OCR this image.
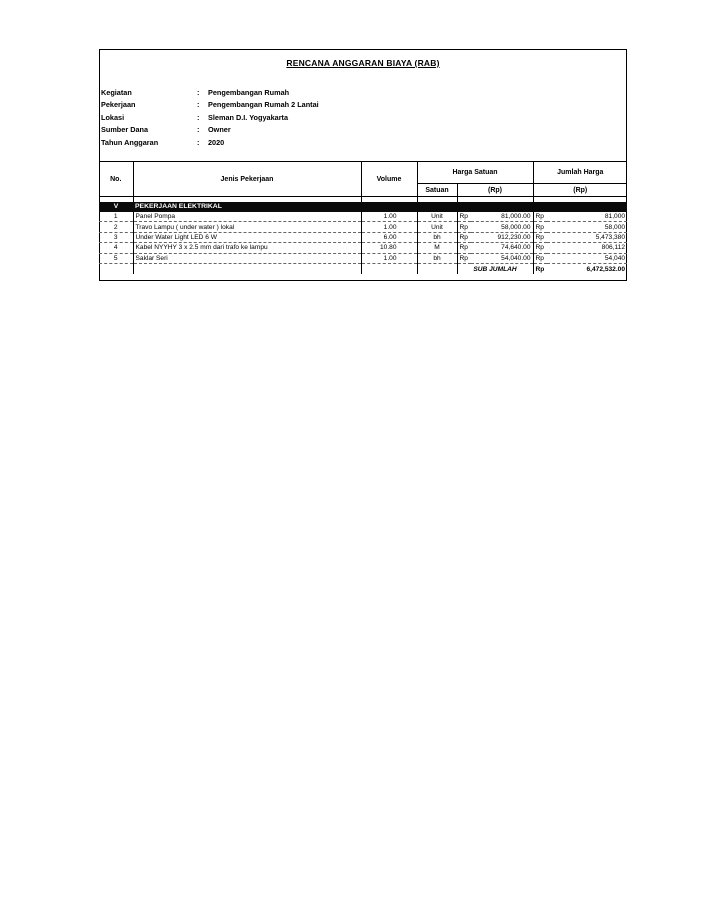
RENCANA ANGGARAN BIAYA (RAB)
Kegiatan	: Pengembangan Rumah
Pekerjaan	: Pengembangan Rumah 2 Lantai
Lokasi	: Sleman D.I. Yogyakarta
Sumber Dana	: Owner
Tahun Anggaran	: 2020
No.	Jenis Pekerjaan	Volume	Harga Satuan			Jumlah Harga	
			Satuan	(Rp)		(Rp)	

V	PEKERJAAN ELEKTRIKAL						
1	Panel Pompa	1.00	Unit	Rp	81,000.00	Rp	81,000
2	Travo Lampu ( under water ) lokal	1.00	Unit	Rp	58,000.00	Rp	58,000
3	Under Water Light LED 6 W	6.00	bh	Rp	912,230.00	Rp	5,473,380
4	Kabel NYYHY 3 x 2.5 mm dari trafo ke lampu	10.80	M	Rp	74,640.00	Rp	806,112
5	Saklar Seri	1.00	bh	Rp	54,040.00	Rp	54,040
				SUB JUMLAH		Rp	6,472,532.00
